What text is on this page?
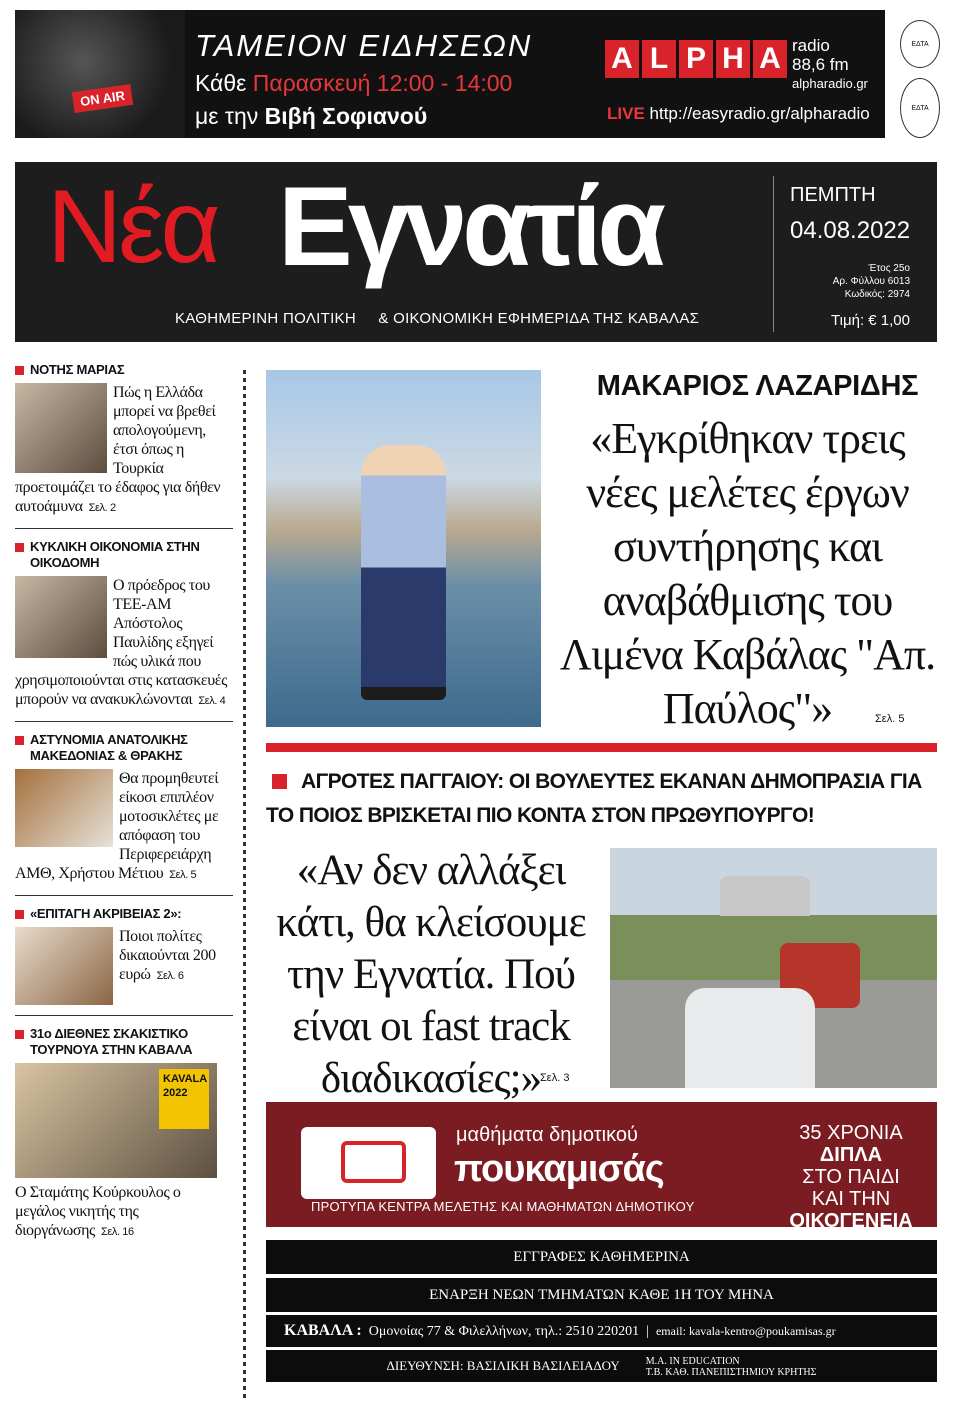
ON AIR
ΤΑΜΕΙΟΝ ΕΙΔΗΣΕΩΝ
Κάθε Παρασκευή 12:00 - 14:00
με την Βιβή Σοφιανού
A L P H A radio
88,6 fm
alpharadio.gr
LIVE http://easyradio.gr/alpharadio
ΕΔΤΑ
ΕΔΤΑ
Νέα Εγνατία
ΚΑΘΗΜΕΡΙΝΗ ΠΟΛΙΤΙΚΗ & ΟΙΚΟΝΟΜΙΚΗ ΕΦΗΜΕΡΙΔΑ ΤΗΣ ΚΑΒΑΛΑΣ
ΠΕΜΠΤΗ
04.08.2022
Έτος 25ο
Αρ. Φύλλου 6013
Κωδικός: 2974
Τιμή: € 1,00
ΝΟΤΗΣ ΜΑΡΙΑΣ
Πώς η Ελλάδα μπορεί να βρεθεί απολογούμενη, έτσι όπως η Τουρκία προετοιμάζει το έδαφος για δήθεν αυτοάμυνα Σελ. 2
ΚΥΚΛΙΚΗ ΟΙΚΟΝΟΜΙΑ ΣΤΗΝ ΟΙΚΟΔΟΜΗ
Ο πρόεδρος του ΤΕΕ-ΑΜ Απόστολος Παυλίδης εξηγεί πώς υλικά που χρησιμοποιούνται στις κατασκευές μπορούν να ανακυκλώνονται Σελ. 4
ΑΣΤΥΝΟΜΙΑ ΑΝΑΤΟΛΙΚΗΣ ΜΑΚΕΔΟΝΙΑΣ & ΘΡΑΚΗΣ
Θα προμηθευτεί είκοσι επιπλέον μοτοσικλέτες με απόφαση του Περιφερειάρχη ΑΜΘ, Χρήστου Μέτιου Σελ. 5
«ΕΠΙΤΑΓΗ ΑΚΡΙΒΕΙΑΣ 2»:
Ποιοι πολίτες δικαιούνται 200 ευρώ Σελ. 6
31ο ΔΙΕΘΝΕΣ ΣΚΑΚΙΣΤΙΚΟ ΤΟΥΡΝΟΥΑ ΣΤΗΝ ΚΑΒΑΛΑ
KAVALA 2022
Ο Σταμάτης Κούρκουλος ο μεγάλος νικητής της διοργάνωσης Σελ. 16
ΜΑΚΑΡΙΟΣ ΛΑΖΑΡΙΔΗΣ
«Εγκρίθηκαν τρεις νέες μελέτες έργων συντήρησης και αναβάθμισης του Λιμένα Καβάλας "Απ. Παύλος"»	Σελ. 5
ΑΓΡΟΤΕΣ ΠΑΓΓΑΙΟΥ: ΟΙ ΒΟΥΛΕΥΤΕΣ ΕΚΑΝΑΝ ΔΗΜΟΠΡΑΣΙΑ ΓΙΑ ΤΟ ΠΟΙΟΣ ΒΡΙΣΚΕΤΑΙ ΠΙΟ ΚΟΝΤΑ ΣΤΟΝ ΠΡΩΘΥΠΟΥΡΓΟ!
«Αν δεν αλλάξει κάτι, θα κλείσουμε την Εγνατία. Πού είναι οι fast track διαδικασίες;»
Σελ. 3
μαθήματα δημοτικού
πουκαμισάς
ΠΡΟΤΥΠΑ ΚΕΝΤΡΑ ΜΕΛΕΤΗΣ ΚΑΙ ΜΑΘΗΜΑΤΩΝ ΔΗΜΟΤΙΚΟΥ
35 ΧΡΟΝΙΑ
ΔΙΠΛΑ
ΣΤΟ ΠΑΙΔΙ
ΚΑΙ ΤΗΝ
ΟΙΚΟΓΕΝΕΙΑ
ΕΓΓΡΑΦΕΣ ΚΑΘΗΜΕΡΙΝΑ
ΕΝΑΡΞΗ ΝΕΩΝ ΤΜΗΜΑΤΩΝ ΚΑΘΕ 1Η ΤΟΥ ΜΗΝΑ
ΚΑΒΑΛΑ : Ομονοίας 77 & Φιλελλήνων, τηλ.: 2510 220201  |  email: kavala-kentro@poukamisas.gr
ΔΙΕΥΘΥΝΣΗ: ΒΑΣΙΛΙΚΗ ΒΑΣΙΛΕΙΑΔΟΥ	M.A. IN EDUCATION
Τ.Β. ΚΑΘ. ΠΑΝΕΠΙΣΤΗΜΙΟΥ ΚΡΗΤΗΣ
